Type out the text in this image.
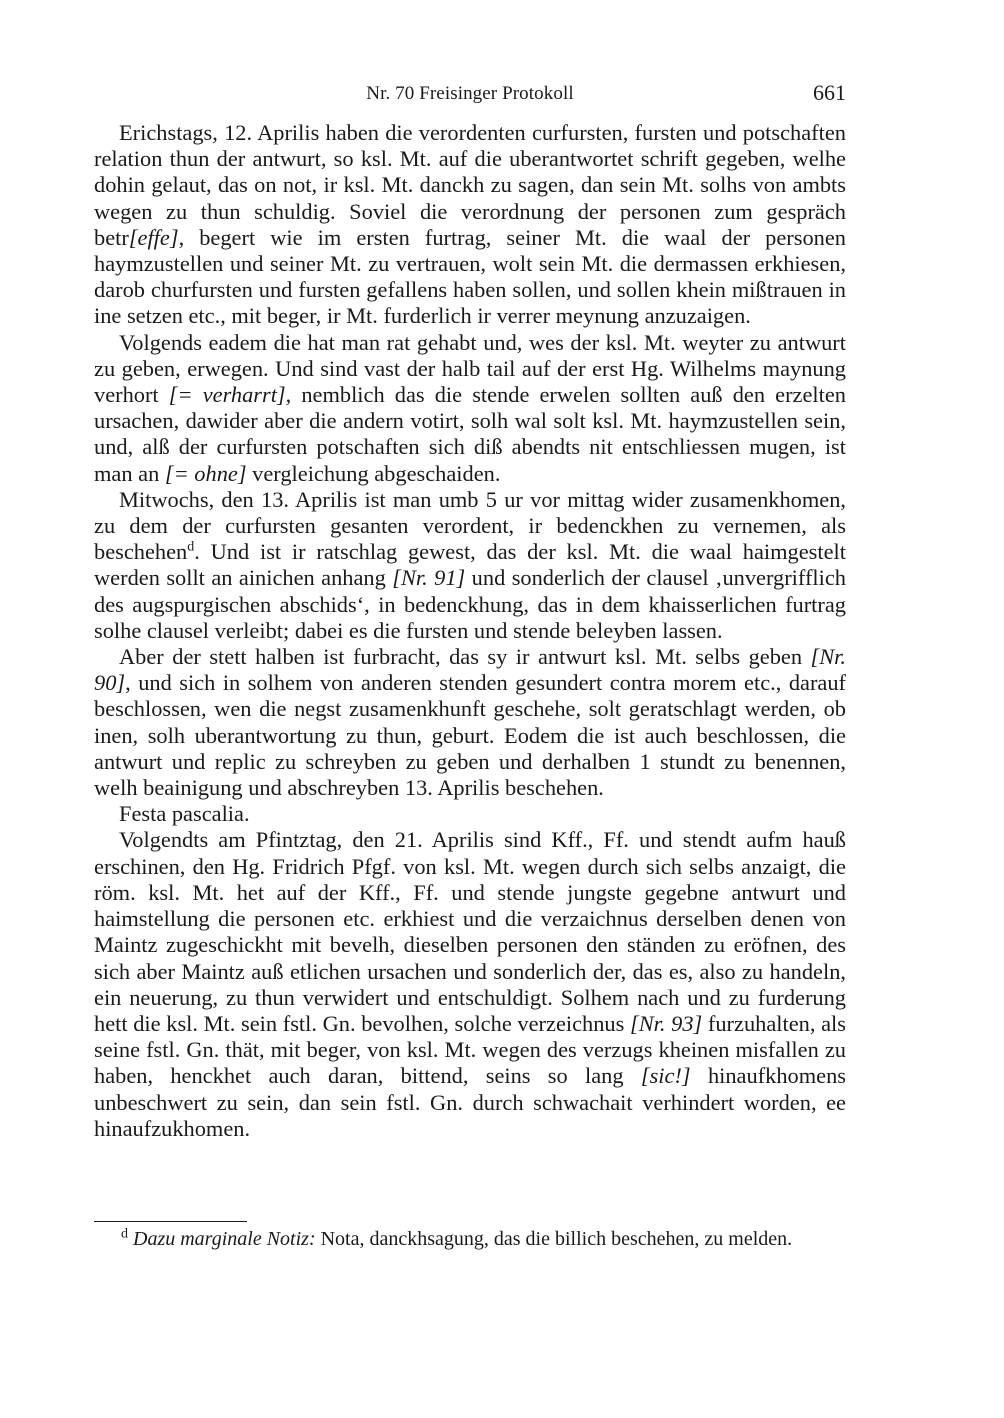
Nr. 70 Freisinger Protokoll	661

Erichstags, 12. Aprilis haben die verordenten curfursten, fursten und potschaften relation thun der antwurt, so ksl. Mt. auf die uberantwortet schrift gegeben, welhe dohin gelaut, das on not, ir ksl. Mt. danckh zu sagen, dan sein Mt. solhs von ambts wegen zu thun schuldig. Soviel die verordnung der personen zum gespräch betr[effe], begert wie im ersten furtrag, seiner Mt. die waal der personen haymzustellen und seiner Mt. zu vertrauen, wolt sein Mt. die dermassen erkhiesen, darob churfursten und fursten gefallens haben sollen, und sollen khein mißtrauen in ine setzen etc., mit beger, ir Mt. furderlich ir verrer meynung anzuzaigen.

Volgends eadem die hat man rat gehabt und, wes der ksl. Mt. weyter zu antwurt zu geben, erwegen. Und sind vast der halb tail auf der erst Hg. Wilhelms maynung verhort [= verharrt], nemblich das die stende erwelen sollten auß den erzelten ursachen, dawider aber die andern votirt, solh wal solt ksl. Mt. haymzustellen sein, und, alß der curfursten potschaften sich diß abendts nit entschliessen mugen, ist man an [= ohne] vergleichung abgeschaiden.

Mitwochs, den 13. Aprilis ist man umb 5 ur vor mittag wider zusamenkhomen, zu dem der curfursten gesanten verordent, ir bedenckhen zu vernemen, als beschehen$^d$. Und ist ir ratschlag gewest, das der ksl. Mt. die waal haimgestelt werden sollt an ainichen anhang [Nr. 91] und sonderlich der clausel ‚unvergrifflich des augspurgischen abschids‘, in bedenckhung, das in dem khaisserlichen furtrag solhe clausel verleibt; dabei es die fursten und stende beleyben lassen.

Aber der stett halben ist furbracht, das sy ir antwurt ksl. Mt. selbs geben [Nr. 90], und sich in solhem von anderen stenden gesundert contra morem etc., darauf beschlossen, wen die negst zusamenkhunft geschehe, solt geratschlagt werden, ob inen, solh uberantwortung zu thun, geburt. Eodem die ist auch beschlossen, die antwurt und replic zu schreyben zu geben und derhalben 1 stundt zu benennen, welh beainigung und abschreyben 13. Aprilis beschehen.

Festa pascalia.

Volgendts am Pfintztag, den 21. Aprilis sind Kff., Ff. und stendt aufm hauß erschinen, den Hg. Fridrich Pfgf. von ksl. Mt. wegen durch sich selbs anzaigt, die röm. ksl. Mt. het auf der Kff., Ff. und stende jungste gegebne antwurt und haimstellung die personen etc. erkhiest und die verzaichnus derselben denen von Maintz zugeschickht mit bevelh, dieselben personen den ständen zu eröfnen, des sich aber Maintz auß etlichen ursachen und sonderlich der, das es, also zu handeln, ein neuerung, zu thun verwidert und entschuldigt. Solhem nach und zu furderung hett die ksl. Mt. sein fstl. Gn. bevolhen, solche verzeichnus [Nr. 93] furzuhalten, als seine fstl. Gn. thät, mit beger, von ksl. Mt. wegen des verzugs kheinen misfallen zu haben, henckhet auch daran, bittend, seins so lang [sic!] hinaufkhomens unbeschwert zu sein, dan sein fstl. Gn. durch schwachait verhindert worden, ee hinaufzukhomen.

$^d$ Dazu marginale Notiz: Nota, danckhsagung, das die billich beschehen, zu melden.
